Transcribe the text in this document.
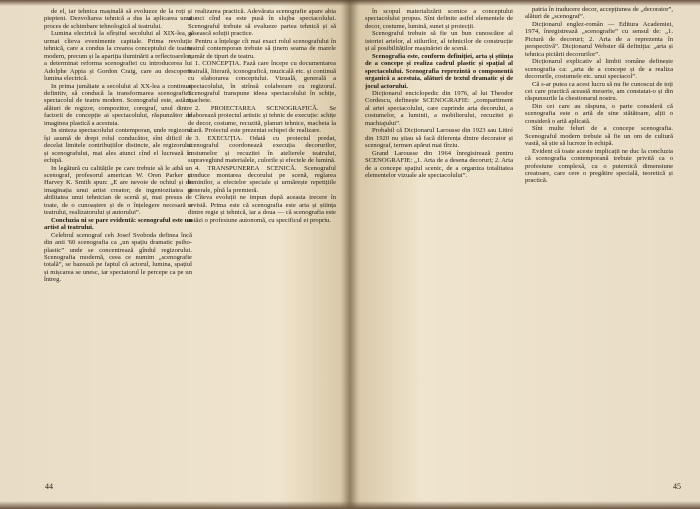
de el, iar tehnica mașinală să evolueze de la roți și piepteni. Dezvoltarea tehnică a dus la aplicarea unui proces de schimbare tehnologică al teatrului.

Lumina electrică la sfîrșitul secolului al XIX-lea, a urmat cîteva evenimente capitale. Prima revoluție tehnică, care a condus la crearea conceptului de teatru modern, precum și la apariția iluminării a reflectoarelor, a determinat reforma scenografiei cu introducerea lui Adolphe Appia și Gordon Craig, care au descoperit lumina electrică.

In prima jumătate a secolului al XX-lea a continuat definitiv, să conducă la transformarea scenografiei: spectacolul de teatru modern. Scenograful este, astăzi, alături de regizor, compozitor, coregraf, unul dintre factorii de concepție ai spectacolului, răspunzător de imaginea plastică a acestuia.

In sinteza spectacolului contemporan, unde regizorul își asumă de drept rolul conducător, sînt dificil de decelat limitele contribuțiilor distincte, ale regizorului și scenografului, mai ales atunci cînd el lucrează în echipă.

In legătură cu calitățile pe care trebuie să le aibă un scenograf, profesorul american W. Oren Parker și Harvey K. Smith spun: „E are nevoie de ochiul și de imaginația unui artist creator; de ingeniozitatea și abilitatea unui tehnician de scenă și, mai presus de toate, de o cunoaștere și de o înțelegere necesară a teatrului, realizatorului și autorului”.

Concluzia ni se pare evidentă: scenograful este un artist al teatrului.

Celebrul scenograf ceh Josef Svoboda definea încă din anii '60 scenografia ca „un spațiu dramatic psiho-plastic” unde se concentrează gîndul regizorului. Scenografia modernă, ceea ce numim „scenografie totală”, se bazează pe faptul că actorul, lumina, spațiul și mișcarea se unesc, iar spectatorul le percepe ca pe un întreg.

realizarea practică. Adevărata scenografie apare abia atunci cînd ea este pusă în slujba spectacolului. Scenograful trebuie să evalueze partea tehnică și să găsească soluții practice.

Pentru a înțelege cît mai exact rolul scenografului în teatrul contemporan trebuie să ținem seama de marele număr de tipuri de teatru.

1. CONCEPȚIA. Fază care începe cu documentarea teatrală, literară, iconografică, muzicală etc. și continuă cu elaborarea conceptului. Vizuală, generală a spectacolului, în strînsă colaborare cu regizorul. Scenograful transpune ideea spectacolului în schițe, machete.

2. PROIECTAREA SCENOGRAFICĂ. Se elaborează proiectul artistic și tehnic de execuție: schițe de decor, costume, recuzită, planuri tehnice, macheta la scară. Proiectul este prezentat echipei de realizare.

3. EXECUȚIA. Odată cu proiectul predat, scenograful coordonează execuția decorurilor, costumelor și recuzitei în atelierele teatrului, supraveghind materialele, culorile și efectele de lumină.

4. TRANSPUNEREA SCENICĂ. Scenograful conduce montarea decorului pe scenă, reglarea luminilor, a efectelor speciale și urmărește repetițiile generale, pînă la premieră.

Cîteva evoluții ne impun după aceasta trecere în revistă. Prima este că scenografia este arta și știința dintre regie și tehnică, iar a doua — că scenografia este astăzi o profesiune autonomă, cu specificul ei propriu.

44

în scopul materializării scenice a conceptului spectacolului propus. Sînt definite astfel elementele de decor, costume, lumină, sunet și proiecții.

Scenograful trebuie să fie un bun cunoscător al istoriei artelor, al stilurilor, al tehnicilor de construcție și al posibilităților mașinăriei de scenă.

Scenografia este, conform definiției, arta și știința de a concepe și realiza cadrul plastic și spațial al spectacolului. Scenografia reprezintă o componentă organică a acestuia, alături de textul dramatic și de jocul actorului.

Dicționarul enciclopedic din 1976, al lui Theodor Cordescu, definește SCENOGRAFIE: „compartiment al artei spectacolului, care cuprinde arta decorului, a costumelor, a luminii, a mobilierului, recuzitei și machiajului”.

Probabil că Dicționarul Larousse din 1923 sau Littré din 1920 nu știau să facă diferența dintre decorator și scenograf, termen apărut mai tîrziu.

Grand Larousse din 1964 înregistrează pentru SCENOGRAFIE: „1. Arta de a desena decoruri; 2. Arta de a concepe spațiul scenic, de a organiza totalitatea elementelor vizuale ale spectacolului”.

patria în traducere decor, accepțiunea de „decorator”, alături de „scenograf”.

Dicționarul englez-român — Editura Academiei, 1974, înregistrează „scenografie” cu sensul de: „1. Pictură de decoruri; 2. Arta de a reprezenta în perspectivă”. Dicționarul Webster dă definiția: „arta și tehnica pictării decorurilor”.

Dicționarul explicativ al limbii române definește scenografia ca: „arta de a concepe și de a realiza decorurile, costumele etc. unui spectacol”.

Că s-ar putea ca acest lucru să nu fie cunoscut de toți cei care practică această meserie, am constatat-o și din răspunsurile la chestionarul nostru.

Din cei care au răspuns, o parte consideră că scenografia este o artă de sine stătătoare, alții o consideră o artă aplicată.

Sînt multe feluri de a concepe scenografia. Scenograful modern trebuie să fie un om de cultură vastă, să știe să lucreze în echipă.

Evident că toate aceste implicații ne duc la concluzia că scenografia contemporană trebuie privită ca o profesiune complexă, cu o puternică dimensiune creatoare, care cere o pregătire specială, teoretică și practică.

45
